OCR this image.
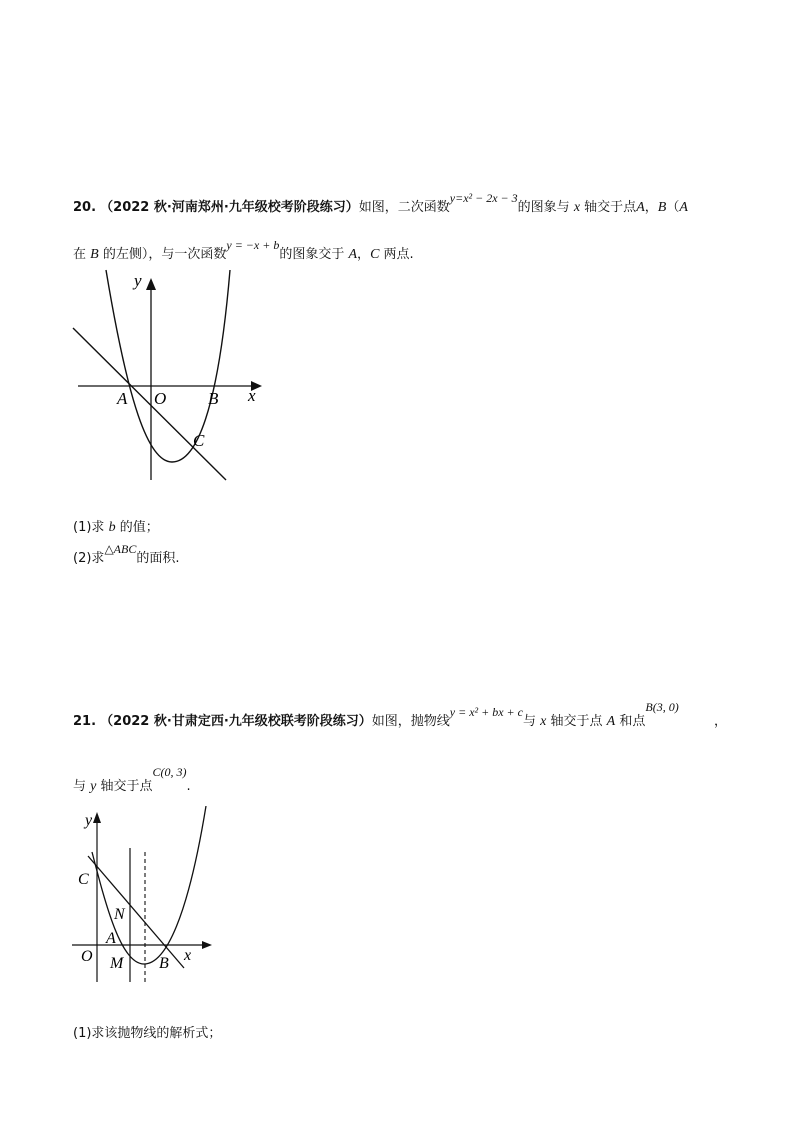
20. （2022 秋·河南郑州·九年级校考阶段练习）如图，二次函数y=x² − 2x − 3的图象与 x 轴交于点A，B（A
在 B 的左侧），与一次函数y = −x + b的图象交于 A，C 两点.
y
x
A O B
C
(1)求 b 的值；
(2)求△ABC的面积.
21. （2022 秋·甘肃定西·九年级校联考阶段练习）如图，抛物线y = x² + bx + c与 x 轴交于点 A 和点B(3, 0)
，
与 y 轴交于点C(0, 3).
y
x
C
N
A
O M B
(1)求该抛物线的解析式；
